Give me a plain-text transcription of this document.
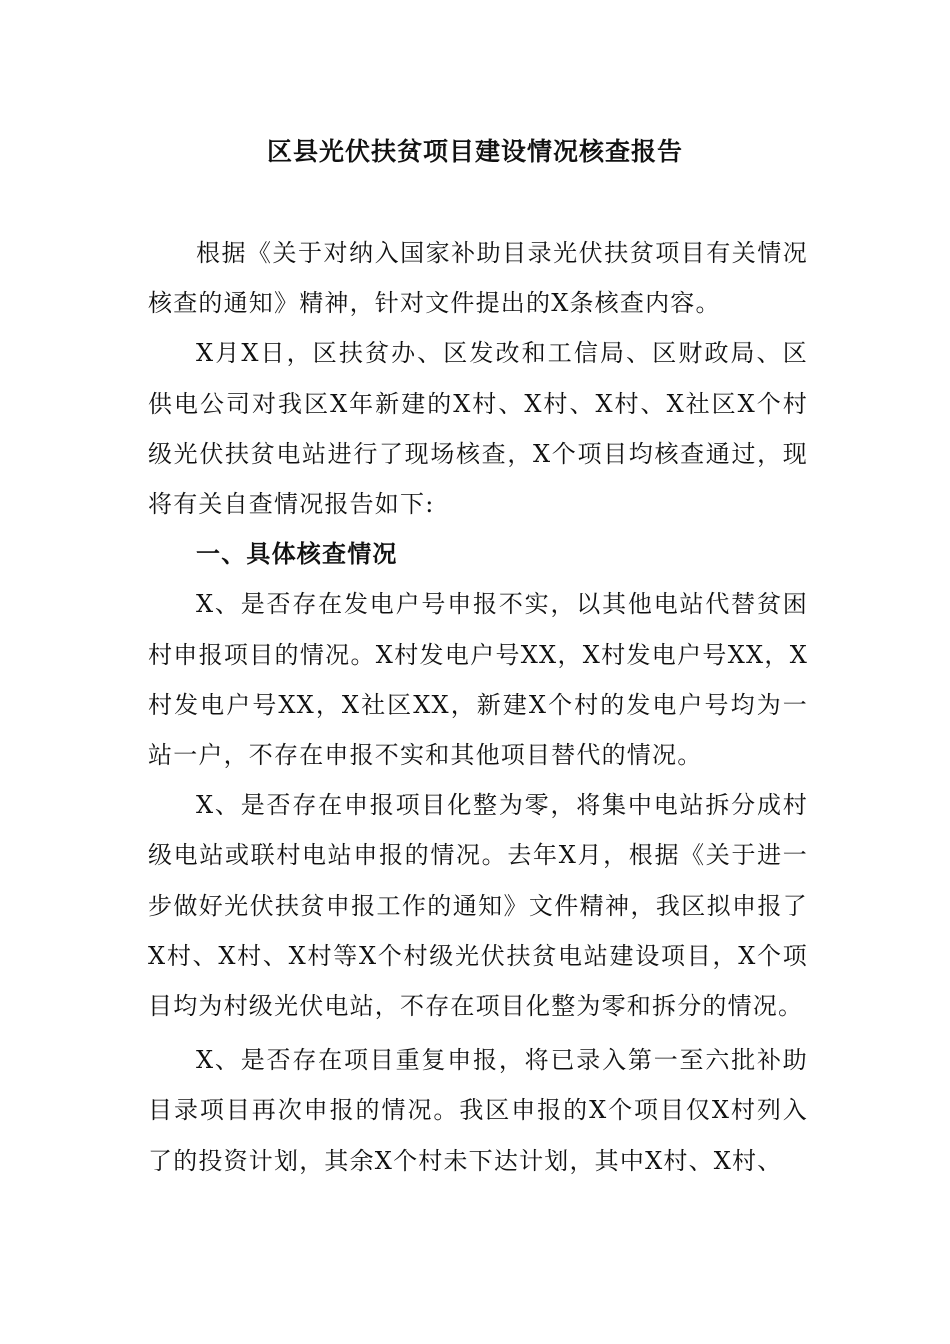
区县光伏扶贫项目建设情况核查报告

根据《关于对纳入国家补助目录光伏扶贫项目有关情况核查的通知》精神，针对文件提出的X条核查内容。

X月X日，区扶贫办、区发改和工信局、区财政局、区供电公司对我区X年新建的X村、X村、X村、X社区X个村级光伏扶贫电站进行了现场核查，X个项目均核查通过，现将有关自查情况报告如下:

一、具体核查情况

X、是否存在发电户号申报不实，以其他电站代替贫困村申报项目的情况。X村发电户号XX，X村发电户号XX，X村发电户号XX，X社区XX，新建X个村的发电户号均为一站一户，不存在申报不实和其他项目替代的情况。

X、是否存在申报项目化整为零，将集中电站拆分成村级电站或联村电站申报的情况。去年X月，根据《关于进一步做好光伏扶贫申报工作的通知》文件精神，我区拟申报了X村、X村、X村等X个村级光伏扶贫电站建设项目，X个项目均为村级光伏电站，不存在项目化整为零和拆分的情况。

X、是否存在项目重复申报，将已录入第一至六批补助目录项目再次申报的情况。我区申报的X个项目仅X村列入了的投资计划，其余X个村未下达计划，其中X村、X村、
